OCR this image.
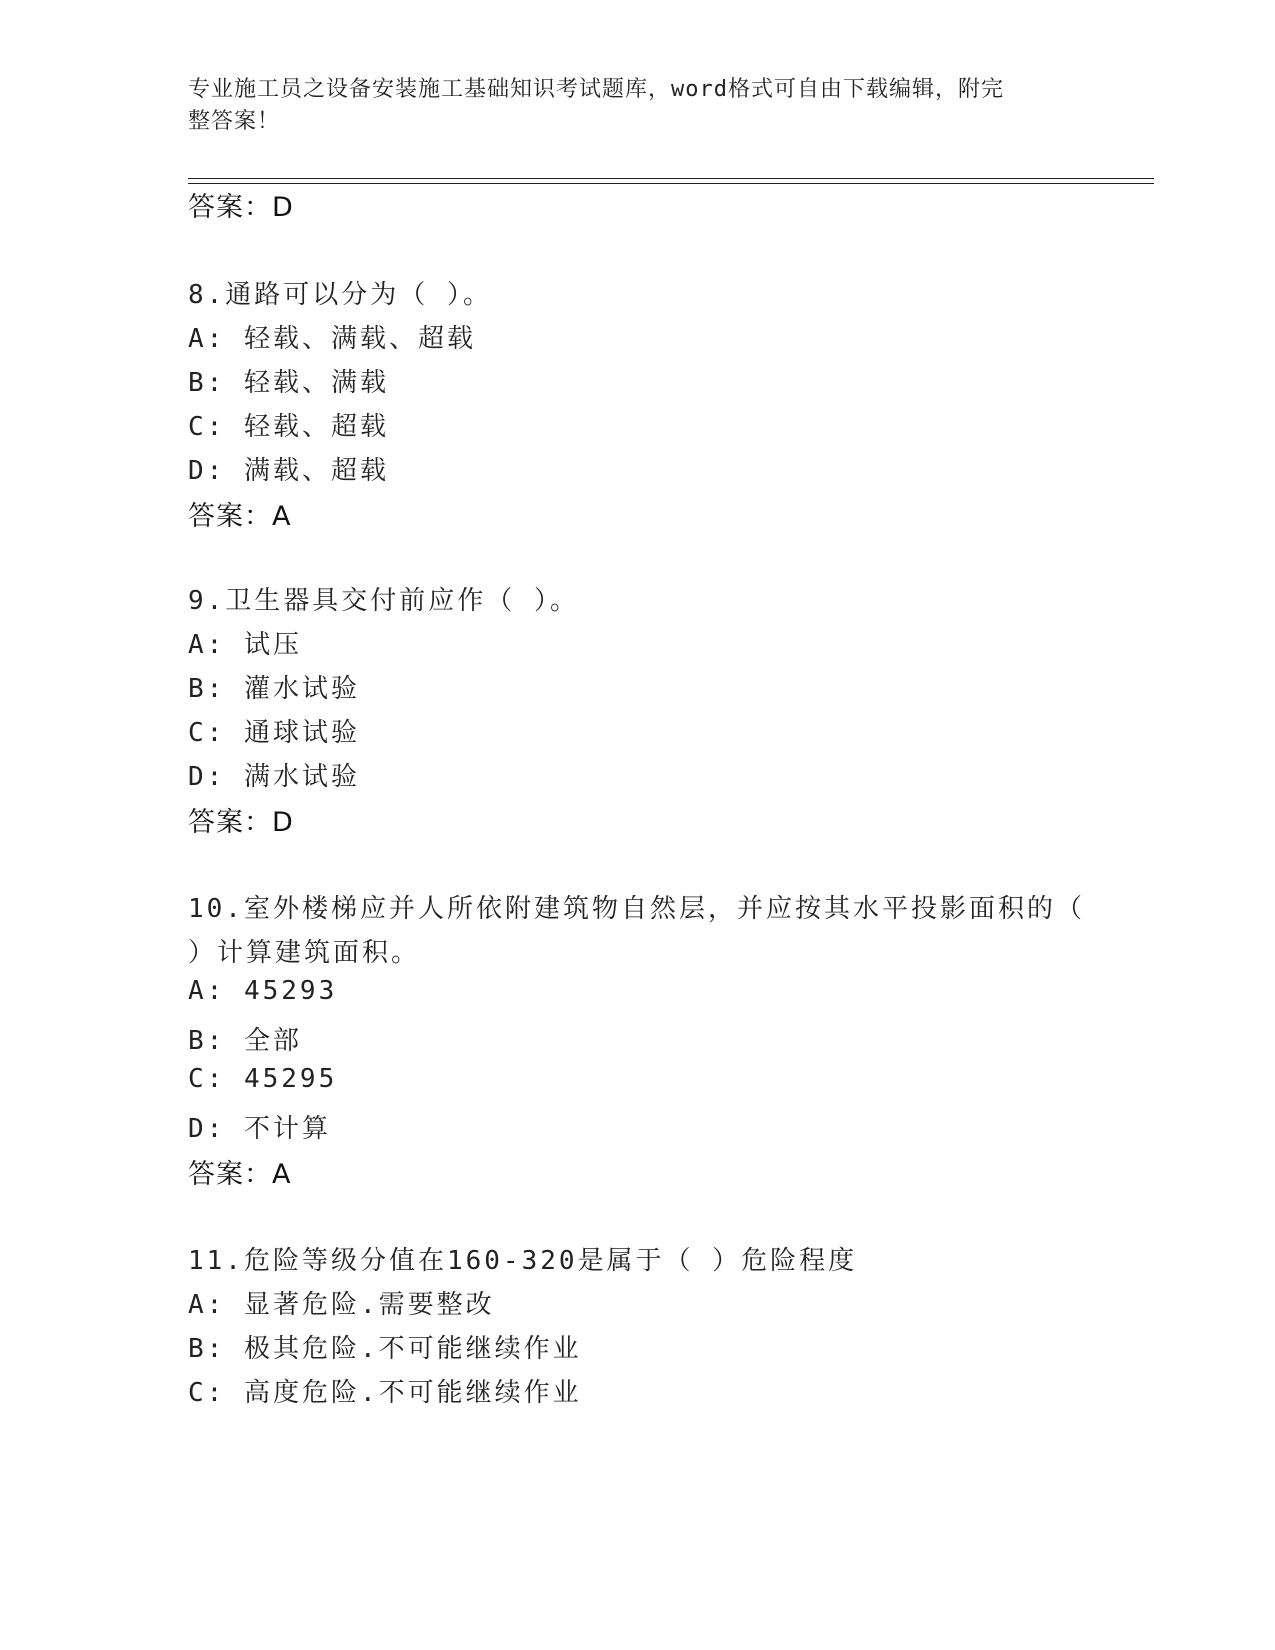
专业施工员之设备安装施工基础知识考试题库，word格式可自由下载编辑，附完
整答案！
答案：D
8.通路可以分为（ ）。
A: 轻载、满载、超载
B: 轻载、满载
C: 轻载、超载
D: 满载、超载
答案：A
9.卫生器具交付前应作（ ）。
A: 试压
B: 灌水试验
C: 通球试验
D: 满水试验
答案：D
10.室外楼梯应并人所依附建筑物自然层，并应按其水平投影面积的（
）计算建筑面积。
A: 45293
B: 全部
C: 45295
D: 不计算
答案：A
11.危险等级分值在160-320是属于（ ）危险程度
A: 显著危险.需要整改
B: 极其危险.不可能继续作业
C: 高度危险.不可能继续作业
